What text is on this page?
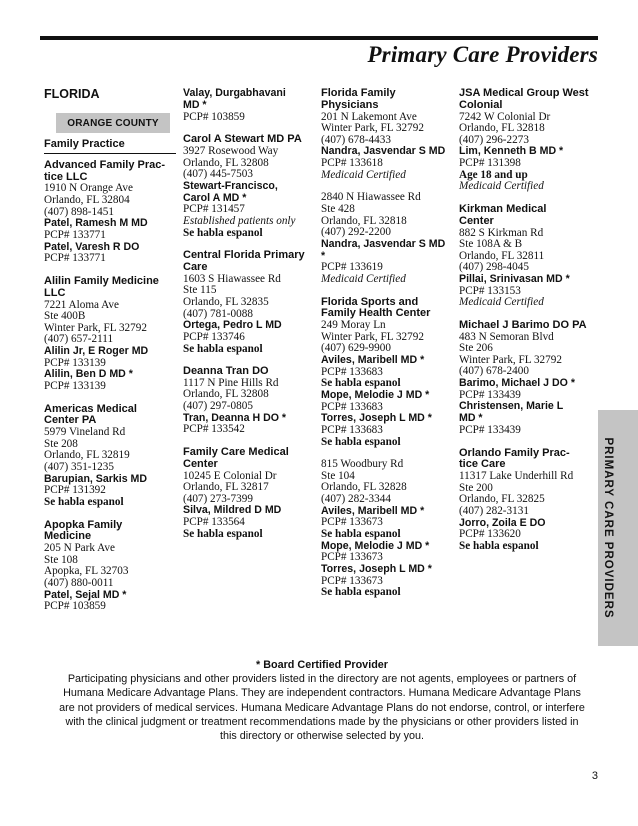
Primary Care Providers
FLORIDA
ORANGE COUNTY
Family Practice
Advanced Family Prac-
tice LLC
1910 N Orange Ave
Orlando, FL 32804
(407) 898-1451
Patel, Ramesh M MD
PCP# 133771
Patel, Varesh R DO
PCP# 133771
Alilin Family Medicine
LLC
7221 Aloma Ave
Ste 400B
Winter Park, FL 32792
(407) 657-2111
Alilin Jr, E Roger MD
PCP# 133139
Alilin, Ben D MD *
PCP# 133139
Americas Medical
Center PA
5979 Vineland Rd
Ste 208
Orlando, FL 32819
(407) 351-1235
Barupian, Sarkis MD
PCP# 131392
Se habla espanol
Apopka Family
Medicine
205 N Park Ave
Ste 108
Apopka, FL 32703
(407) 880-0011
Patel, Sejal MD *
PCP# 103859
Valay, Durgabhavani
MD *
PCP# 103859
Carol A Stewart MD PA
3927 Rosewood Way
Orlando, FL 32808
(407) 445-7503
Stewart-Francisco,
Carol A MD *
PCP# 131457
Established patients only
Se habla espanol
Central Florida Primary
Care
1603 S Hiawassee Rd
Ste 115
Orlando, FL 32835
(407) 781-0088
Ortega, Pedro L MD
PCP# 133746
Se habla espanol
Deanna Tran DO
1117 N Pine Hills Rd
Orlando, FL 32808
(407) 297-0805
Tran, Deanna H DO *
PCP# 133542
Family Care Medical
Center
10245 E Colonial Dr
Orlando, FL 32817
(407) 273-7399
Silva, Mildred D MD
PCP# 133564
Se habla espanol
Florida Family
Physicians
201 N Lakemont Ave
Winter Park, FL 32792
(407) 678-4433
Nandra, Jasvendar S MD
PCP# 133618
Medicaid Certified
2840 N Hiawassee Rd
Ste 428
Orlando, FL 32818
(407) 292-2200
Nandra, Jasvendar S MD
*
PCP# 133619
Medicaid Certified
Florida Sports and
Family Health Center
249 Moray Ln
Winter Park, FL 32792
(407) 629-9900
Aviles, Maribell MD *
PCP# 133683
Se habla espanol
Mope, Melodie J MD *
PCP# 133683
Torres, Joseph L MD *
PCP# 133683
Se habla espanol
815 Woodbury Rd
Ste 104
Orlando, FL 32828
(407) 282-3344
Aviles, Maribell MD *
PCP# 133673
Se habla espanol
Mope, Melodie J MD *
PCP# 133673
Torres, Joseph L MD *
PCP# 133673
Se habla espanol
JSA Medical Group West
Colonial
7242 W Colonial Dr
Orlando, FL 32818
(407) 296-2273
Lim, Kenneth B MD *
PCP# 131398
Age 18 and up
Medicaid Certified
Kirkman Medical
Center
882 S Kirkman Rd
Ste 108A & B
Orlando, FL 32811
(407) 298-4045
Pillai, Srinivasan MD *
PCP# 133153
Medicaid Certified
Michael J Barimo DO PA
483 N Semoran Blvd
Ste 206
Winter Park, FL 32792
(407) 678-2400
Barimo, Michael J DO *
PCP# 133439
Christensen, Marie L
MD *
PCP# 133439
Orlando Family Prac-
tice Care
11317 Lake Underhill Rd
Ste 200
Orlando, FL 32825
(407) 282-3131
Jorro, Zoila E DO
PCP# 133620
Se habla espanol	PRIMARY CARE PROVIDERS
* Board Certified Provider
Participating physicians and other providers listed in the directory are not agents, employees or partners of Humana Medicare Advantage Plans. They are independent contractors. Humana Medicare Advantage Plans are not providers of medical services. Humana Medicare Advantage Plans do not endorse, control, or interfere with the clinical judgment or treatment recommendations made by the physicians or other providers listed in this directory or otherwise selected by you.
3
